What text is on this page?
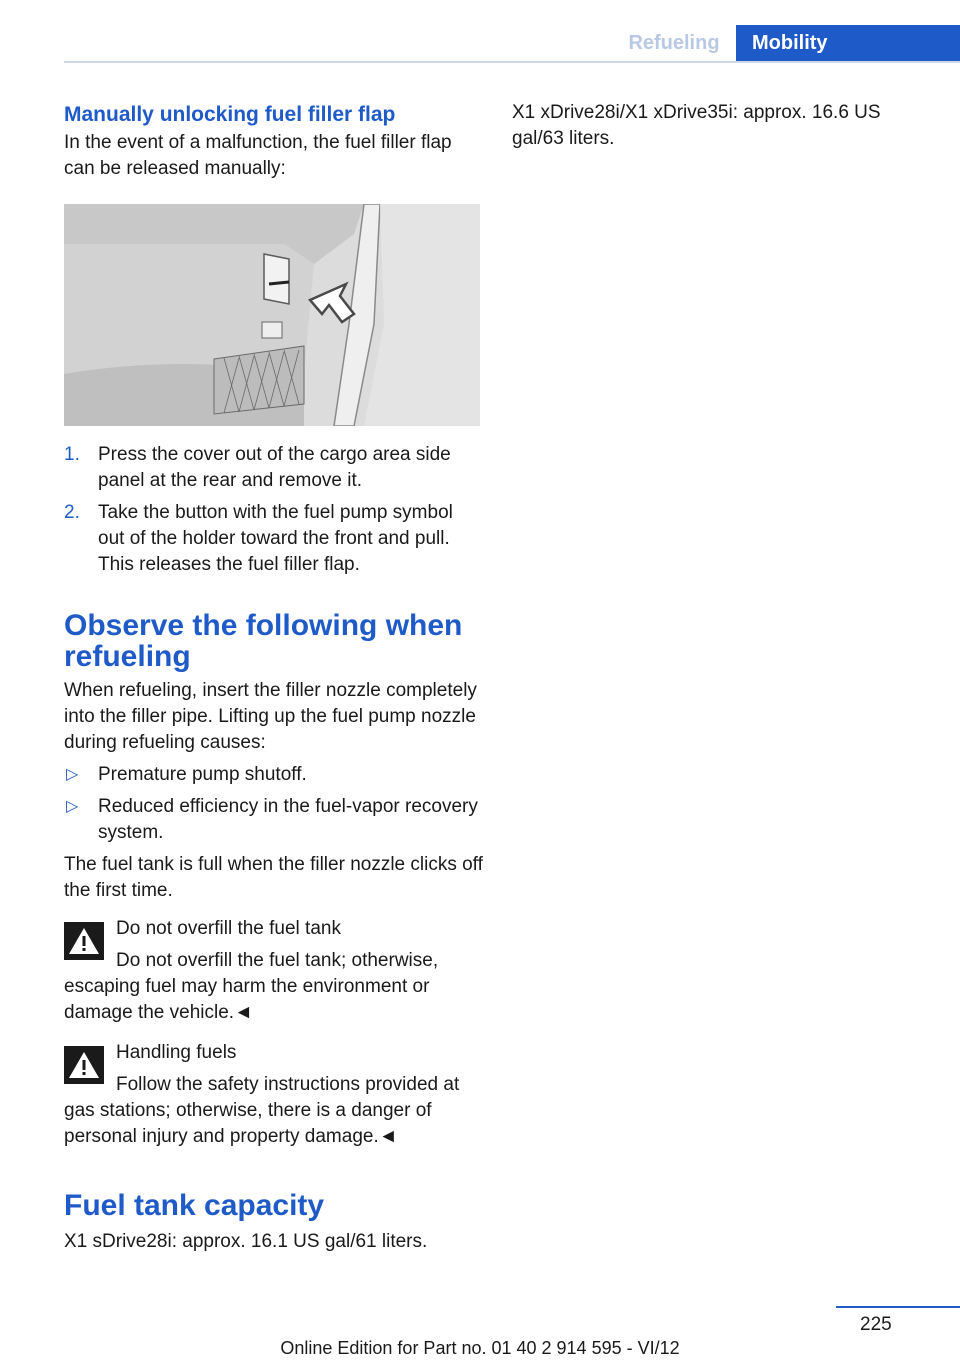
Refueling	Mobility
Manually unlocking fuel filler flap

In the event of a malfunction, the fuel filler flap can be released manually:

1. Press the cover out of the cargo area side panel at the rear and remove it.
2. Take the button with the fuel pump symbol out of the holder toward the front and pull. This releases the fuel filler flap.
Observe the following when refueling

When refueling, insert the filler nozzle completely into the filler pipe. Lifting up the fuel pump nozzle during refueling causes:

▷ Premature pump shutoff.
▷ Reduced efficiency in the fuel-vapor recovery system.

The fuel tank is full when the filler nozzle clicks off the first time.

Do not overfill the fuel tank
Do not overfill the fuel tank; otherwise, escaping fuel may harm the environment or damage the vehicle.◄
Handling fuels
Follow the safety instructions provided at gas stations; otherwise, there is a danger of personal injury and property damage.◄
Fuel tank capacity

X1 sDrive28i: approx. 16.1 US gal/61 liters.

X1 xDrive28i/X1 xDrive35i: approx. 16.6 US gal/63 liters.

225
Online Edition for Part no. 01 40 2 914 595 - VI/12
